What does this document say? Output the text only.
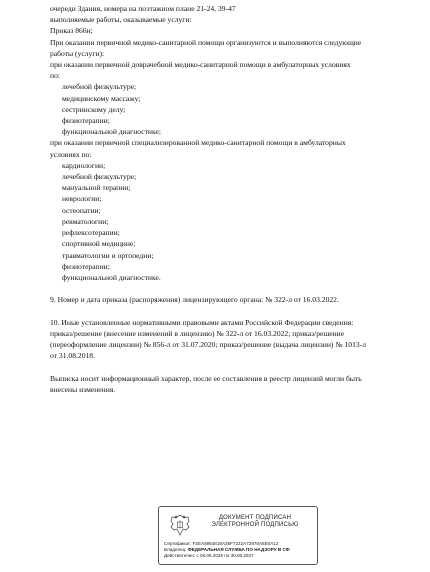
очереди Здания, номера на поэтажном плане 21-24, 39-47
выполняемые работы, оказываемые услуги:
Приказ 866н;
При оказании первичной медико-санитарной помощи организуются и выполняются следующие
работы (услуги):
при оказании первичной доврачебной медико-санитарной помощи в амбулаторных условиях
по:
лечебной физкультуре;
медицинскому массажу;
сестринскому делу;
физиотерапии;
функциональной диагностике;
при оказании первичной специализированной медико-санитарной помощи в амбулаторных
условиях по:
кардиологии;
лечебной физкультуре;
мануальной терапии;
неврологии;
остеопатии;
ревматологии;
рефлексотерапии;
спортивной медицине;
травматологии и ортопедии;
физиотерапии;
функциональной диагностике.
9. Номер и дата приказа (распоряжения) лицензирующего органа: № 322-л от 16.03.2022.
10. Иные установленные нормативными правовыми актами Российской Федерации сведения:
приказ/решение (внесение изменений в лицензию) № 322-л от 16.03.2022; приказ/решение
(переоформление лицензии) № 856-л от 31.07.2020; приказ/решение (выдача лицензии) № 1013-л
от 31.08.2018.
Выписка носит информационный характер, после ее составления в реестр лицензий могли быть
внесены изменения.
ДОКУМЕНТ ПОДПИСАН
ЭЛЕКТРОННОЙ ПОДПИСЬЮ
Сертификат: F2EA5954818A35F7222A72978A5E0A12
Владелец: ФЕДЕРАЛЬНАЯ СЛУЖБА ПО НАДЗОРУ В СФ
Действителен: с 06.06.2026 по 30.06.2027
